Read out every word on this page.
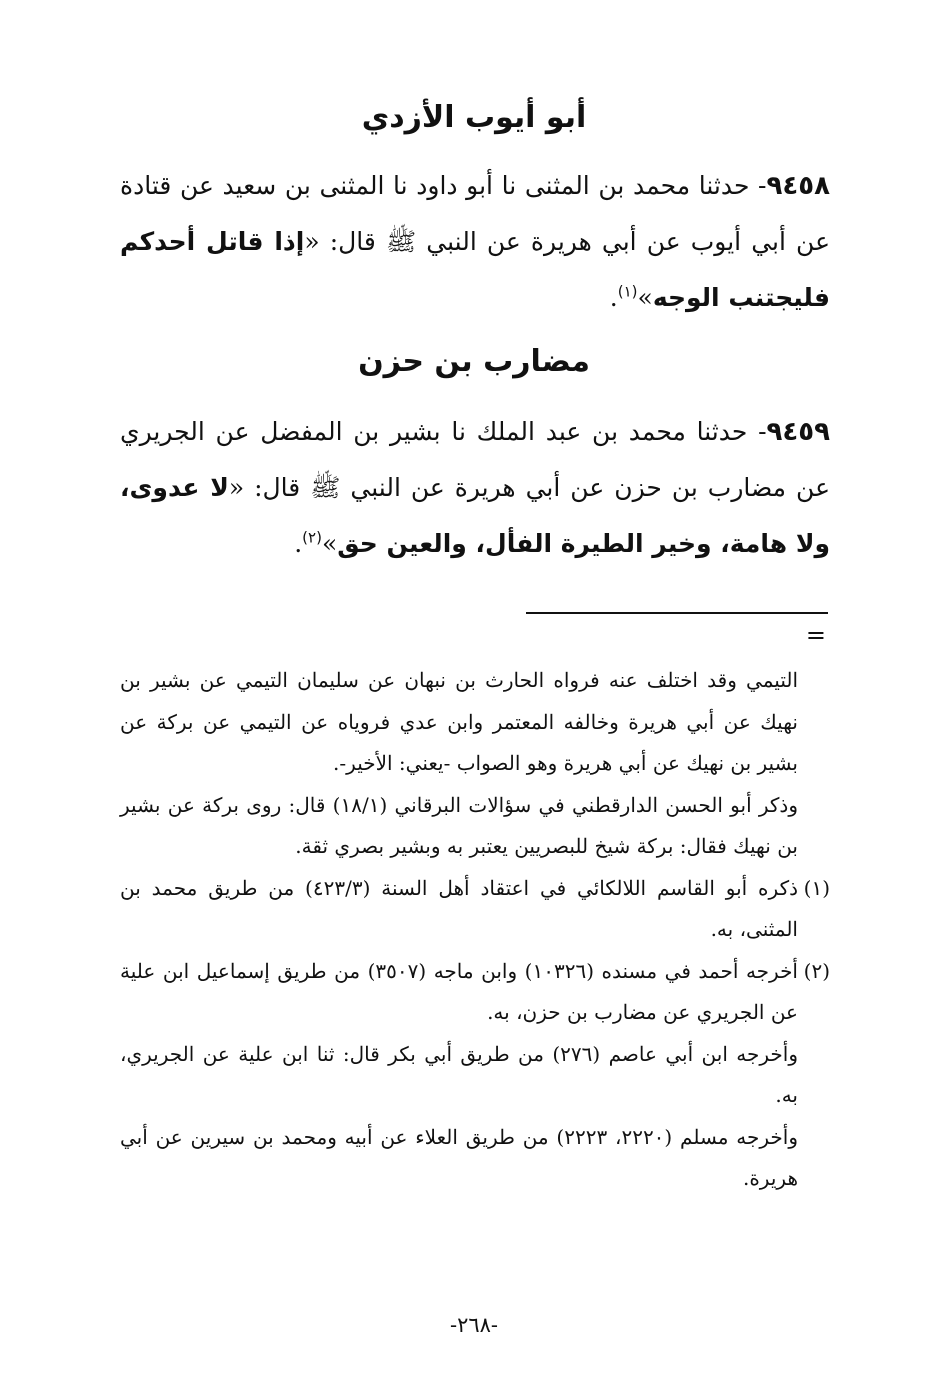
أبو أيوب الأزدي
٩٤٥٨- حدثنا محمد بن المثنى نا أبو داود نا المثنى بن سعيد عن قتادة عن أبي أيوب عن أبي هريرة عن النبي ﷺ قال: «إذا قاتل أحدكم فليجتنب الوجه»$^{(١)}$.
مضارب بن حزن
٩٤٥٩- حدثنا محمد بن عبد الملك نا بشير بن المفضل عن الجريري عن مضارب بن حزن عن أبي هريرة عن النبي ﷺ قال: «لا عدوى، ولا هامة، وخير الطيرة الفأل، والعين حق»$^{(٢)}$.
=

التيمي وقد اختلف عنه فرواه الحارث بن نبهان عن سليمان التيمي عن بشير بن نهيك عن أبي هريرة وخالفه المعتمر وابن عدي فروياه عن التيمي عن بركة عن بشير بن نهيك عن أبي هريرة وهو الصواب -يعني: الأخير-.

وذكر أبو الحسن الدارقطني في سؤالات البرقاني (١٨/١) قال: روى بركة عن بشير بن نهيك فقال: بركة شيخ للبصريين يعتبر به وبشير بصري ثقة.

(١)
ذكره أبو القاسم اللالكائي في اعتقاد أهل السنة (٤٢٣/٣) من طريق محمد بن المثنى، به.
(٢)
أخرجه أحمد في مسنده (١٠٣٢٦) وابن ماجه (٣٥٠٧) من طريق إسماعيل ابن علية عن الجريري عن مضارب بن حزن، به.

وأخرجه ابن أبي عاصم (٢٧٦) من طريق أبي بكر قال: ثنا ابن علية عن الجريري، به.

وأخرجه مسلم (٢٢٢٠، ٢٢٢٣) من طريق العلاء عن أبيه ومحمد بن سيرين عن أبي هريرة.

-٢٦٨-
